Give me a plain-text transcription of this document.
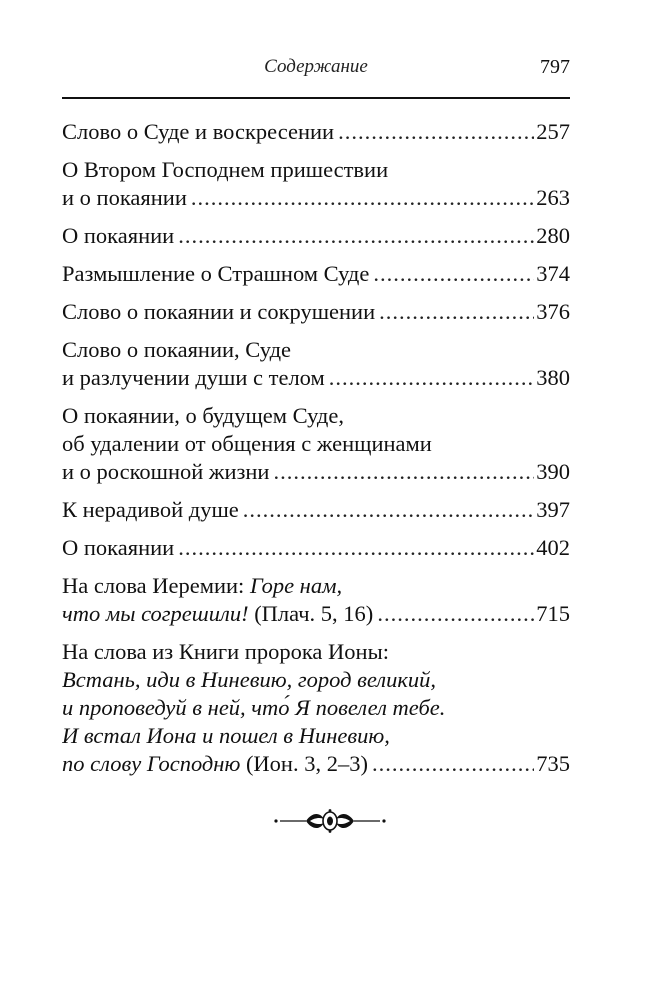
Содержание	797
Слово о Суде и воскресении .....	257
О Втором Господнем пришествии
и о покаянии .....	263
О покаянии .....	280
Размышление о Страшном Суде .....	374
Слово о покаянии и сокрушении .....	376
Слово о покаянии, Суде
и разлучении души с телом .....	380
О покаянии, о будущем Суде,
об удалении от общения с женщинами
и о роскошной жизни .....	390
К нерадивой душе .....	397
О покаянии .....	402
На слова Иеремии: Горе нам,
что мы согрешили! (Плач. 5, 16) .....	715
На слова из Книги пророка Ионы:
Встань, иди в Ниневию, город великий,
и проповедуй в ней, что́ Я повелел тебе.
И встал Иона и пошел в Ниневию,
по слову Господню (Ион. 3, 2–3) .....	735
